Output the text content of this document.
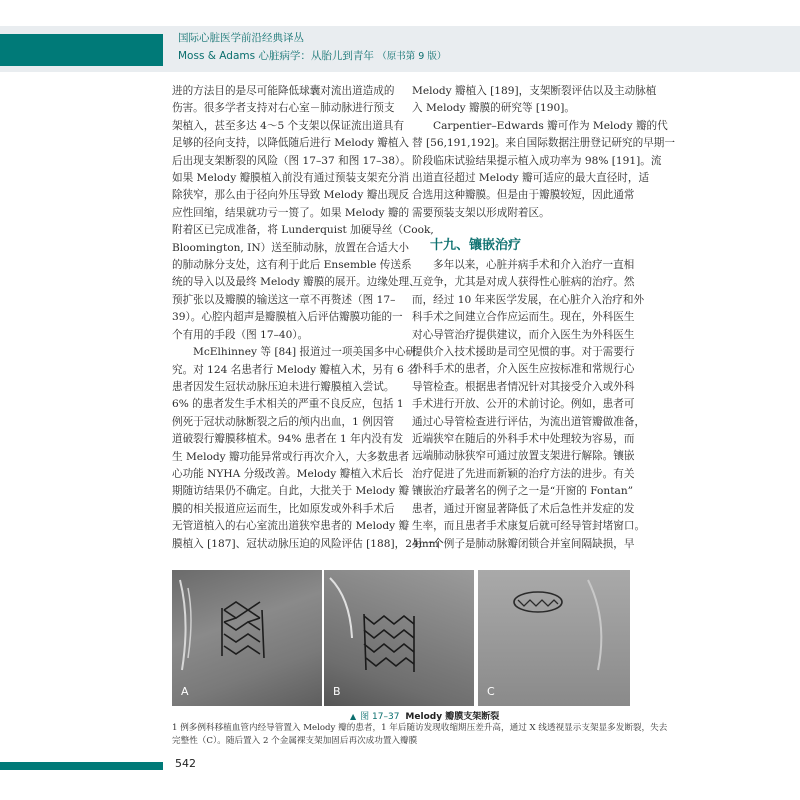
国际心脏医学前沿经典译丛
Moss & Adams 心脏病学：从胎儿到青年 （原书第 9 版）

进的方法目的是尽可能降低球囊对流出道造成的

伤害。很多学者支持对右心室－肺动脉进行预支

架植入，甚至多达 4～5 个支架以保证流出道具有

足够的径向支持，以降低随后进行 Melody 瓣植入

后出现支架断裂的风险（图 17–37 和图 17–38）。

如果 Melody 瓣膜植入前没有通过预装支架充分消

除狭窄，那么由于径向外压导致 Melody 瓣出现反

应性回缩，结果就功亏一篑了。如果 Melody 瓣的

附着区已完成准备，将 Lunderquist 加硬导丝（Cook,

Bloomington, IN）送至肺动脉，放置在合适大小

的肺动脉分支处，这有利于此后 Ensemble 传送系

统的导入以及最终 Melody 瓣膜的展开。边缘处理、

预扩张以及瓣膜的输送这一章不再赘述（图 17–

39）。心腔内超声是瓣膜植入后评估瓣膜功能的一

个有用的手段（图 17–40）。

McElhinney 等 [84] 报道过一项美国多中心研

究。对 124 名患者行 Melody 瓣植入术，另有 6 名

患者因发生冠状动脉压迫未进行瓣膜植入尝试。

6% 的患者发生手术相关的严重不良反应，包括 1

例死于冠状动脉断裂之后的颅内出血，1 例因管

道破裂行瓣膜移植术。94% 患者在 1 年内没有发

生 Melody 瓣功能异常或行再次介入，大多数患者

心功能 NYHA 分级改善。Melody 瓣植入术后长

期随访结果仍不确定。自此，大批关于 Melody 瓣

膜的相关报道应运而生，比如原发或外科手术后

无管道植入的右心室流出道狭窄患者的 Melody 瓣

膜植入 [187]、冠状动脉压迫的风险评估 [188]，24mm

Melody 瓣植入 [189]，支架断裂评估以及主动脉植

入 Melody 瓣膜的研究等 [190]。

Carpentier–Edwards 瓣可作为 Melody 瓣的代

替 [56,191,192]。来自国际数据注册登记研究的早期一

阶段临床试验结果提示植入成功率为 98% [191]。流

出道直径超过 Melody 瓣可适应的最大直径时，适

合选用这种瓣膜。但是由于瓣膜较短，因此通常

需要预装支架以形成附着区。

十九、镶嵌治疗

多年以来，心脏并病手术和介入治疗一直相

互竞争，尤其是对成人获得性心脏病的治疗。然

而，经过 10 年来医学发展，在心脏介入治疗和外

科手术之间建立合作应运而生。现在，外科医生

对心导管治疗提供建议，而介入医生为外科医生

提供介入技术援助是司空见惯的事。对于需要行

外科手术的患者，介入医生应按标准和常规行心

导管检查。根据患者情况针对其接受介入或外科

手术进行开放、公开的术前讨论。例如，患者可

通过心导管检查进行评估，为流出道管瓣做准备，

近端狭窄在随后的外科手术中处理较为容易，而

远端肺动脉狭窄可通过放置支架进行解除。镶嵌

治疗促进了先进而新颖的治疗方法的进步。有关

镶嵌治疗最著名的例子之一是“开窗的 Fontan”

患者，通过开窗显著降低了术后急性并发症的发

生率，而且患者手术康复后就可经导管封堵窗口。

另一个例子是肺动脉瓣闭锁合并室间隔缺损，早

A	B	C
▲ 图 17–37 Melody 瓣膜支架断裂

1 例多例科移植血管内经导管置入 Melody 瓣的患者，1 年后随访发现收缩期压差升高，通过 X 线透视显示支架显多发断裂，失去

完整性（C）。随后置入 2 个金属裸支架加固后再次成功置入瓣膜

542
